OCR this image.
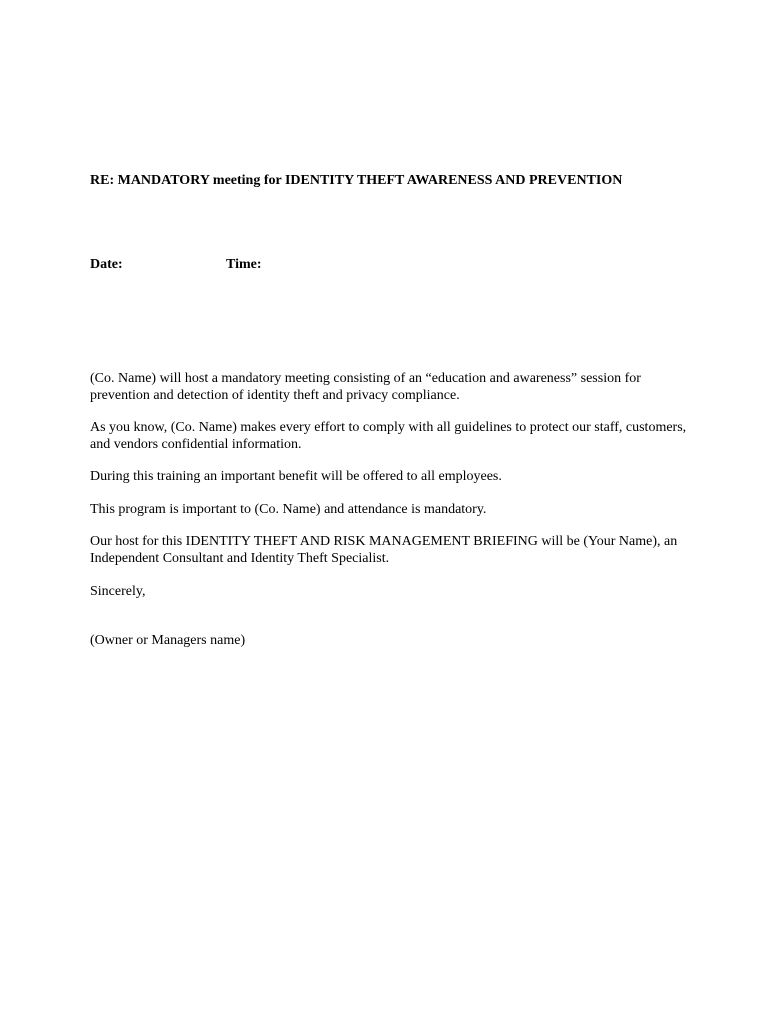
RE: MANDATORY meeting for IDENTITY THEFT AWARENESS AND PREVENTION
Date:	Time:

(Co. Name) will host a mandatory meeting consisting of an “education and awareness” session for prevention and detection of identity theft and privacy compliance.

As you know, (Co. Name) makes every effort to comply with all guidelines to protect our staff, customers, and vendors confidential information.

During this training an important benefit will be offered to all employees.

This program is important to (Co. Name) and attendance is mandatory.

Our host for this IDENTITY THEFT AND RISK MANAGEMENT BRIEFING will be (Your Name), an Independent Consultant and Identity Theft Specialist.

Sincerely,

(Owner or Managers name)
